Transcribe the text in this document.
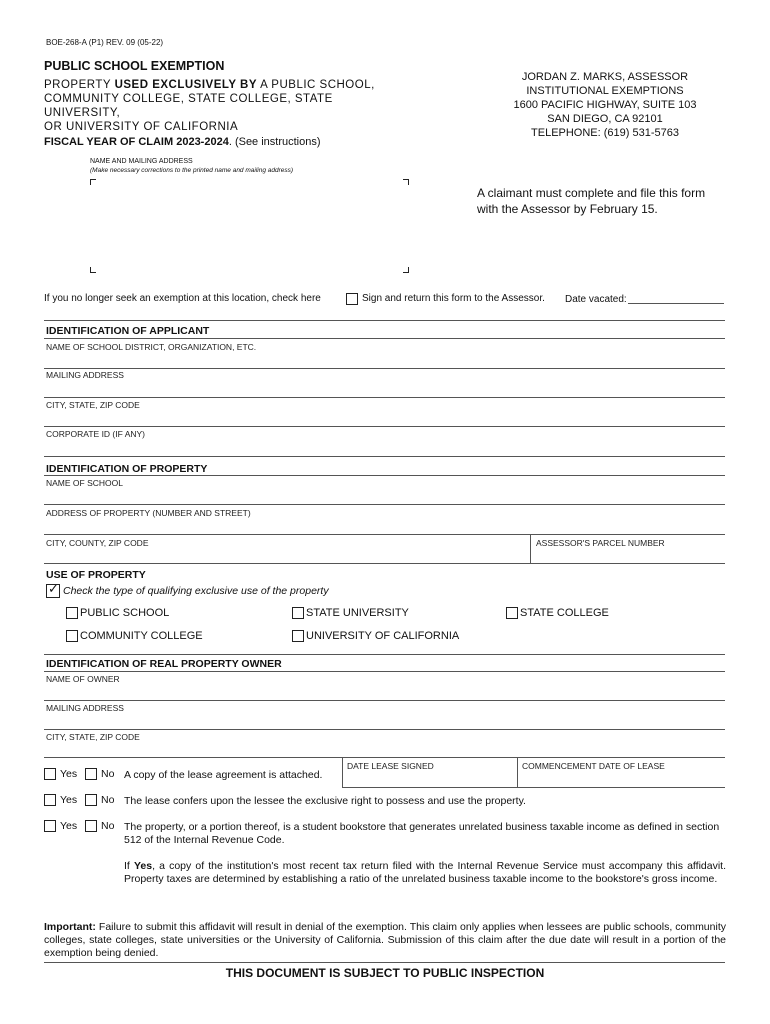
BOE-268-A (P1) REV. 09 (05-22)
PUBLIC SCHOOL EXEMPTION
PROPERTY USED EXCLUSIVELY BY A PUBLIC SCHOOL,
COMMUNITY COLLEGE, STATE COLLEGE, STATE UNIVERSITY,
OR UNIVERSITY OF CALIFORNIA
FISCAL YEAR OF CLAIM 2023-2024. (See instructions)
JORDAN Z. MARKS, ASSESSOR
INSTITUTIONAL EXEMPTIONS
1600 PACIFIC HIGHWAY, SUITE 103
SAN DIEGO, CA 92101
TELEPHONE: (619) 531-5763
NAME AND MAILING ADDRESS
(Make necessary corrections to the printed name and mailing address)
A claimant must complete and file this form with the Assessor by February 15.
If you no longer seek an exemption at this location, check here	Sign and return this form to the Assessor. Date vacated:
IDENTIFICATION OF APPLICANT
NAME OF SCHOOL DISTRICT, ORGANIZATION, ETC.
MAILING ADDRESS
CITY, STATE, ZIP CODE
CORPORATE ID (IF ANY)
IDENTIFICATION OF PROPERTY
NAME OF SCHOOL
ADDRESS OF PROPERTY (NUMBER AND STREET)
CITY, COUNTY, ZIP CODE	ASSESSOR'S PARCEL NUMBER
USE OF PROPERTY
✓ Check the type of qualifying exclusive use of the property
PUBLIC SCHOOL	STATE UNIVERSITY	STATE COLLEGE
COMMUNITY COLLEGE	UNIVERSITY OF CALIFORNIA
IDENTIFICATION OF REAL PROPERTY OWNER
NAME OF OWNER
MAILING ADDRESS
CITY, STATE, ZIP CODE
DATE LEASE SIGNED	COMMENCEMENT DATE OF LEASE
Yes No A copy of the lease agreement is attached.
Yes No The lease confers upon the lessee the exclusive right to possess and use the property.
Yes No The property, or a portion thereof, is a student bookstore that generates unrelated business taxable income as defined in section 512 of the Internal Revenue Code.
If Yes, a copy of the institution's most recent tax return filed with the Internal Revenue Service must accompany this affidavit. Property taxes are determined by establishing a ratio of the unrelated business taxable income to the bookstore's gross income.
Important: Failure to submit this affidavit will result in denial of the exemption. This claim only applies when lessees are public schools, community colleges, state colleges, state universities or the University of California. Submission of this claim after the due date will result in a portion of the exemption being denied.
THIS DOCUMENT IS SUBJECT TO PUBLIC INSPECTION
